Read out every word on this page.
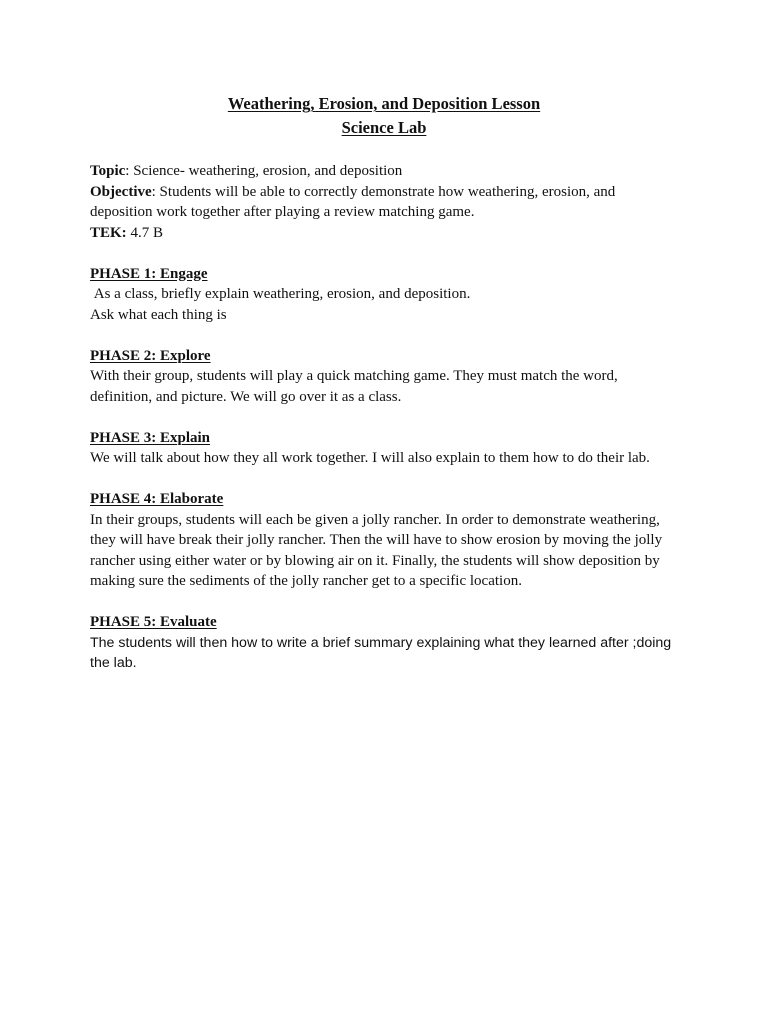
Weathering, Erosion, and Deposition Lesson
Science Lab

Topic: Science- weathering, erosion, and deposition

Objective: Students will be able to correctly demonstrate how weathering, erosion, and deposition work together after playing a review matching game.

TEK: 4.7 B

PHASE 1: Engage

As a class, briefly explain weathering, erosion, and deposition.

Ask what each thing is

PHASE 2: Explore

With their group, students will play a quick matching game. They must match the word, definition, and picture. We will go over it as a class.

PHASE 3: Explain

We will talk about how they all work together. I will also explain to them how to do their lab.

PHASE 4: Elaborate

In their groups, students will each be given a jolly rancher. In order to demonstrate weathering, they will have break their jolly rancher. Then the will have to show erosion by moving the jolly rancher using either water or by blowing air on it. Finally, the students will show deposition by making sure the sediments of the jolly rancher get to a specific location.

PHASE 5: Evaluate

The students will then how to write a brief summary explaining what they learned after ;doing the lab.
